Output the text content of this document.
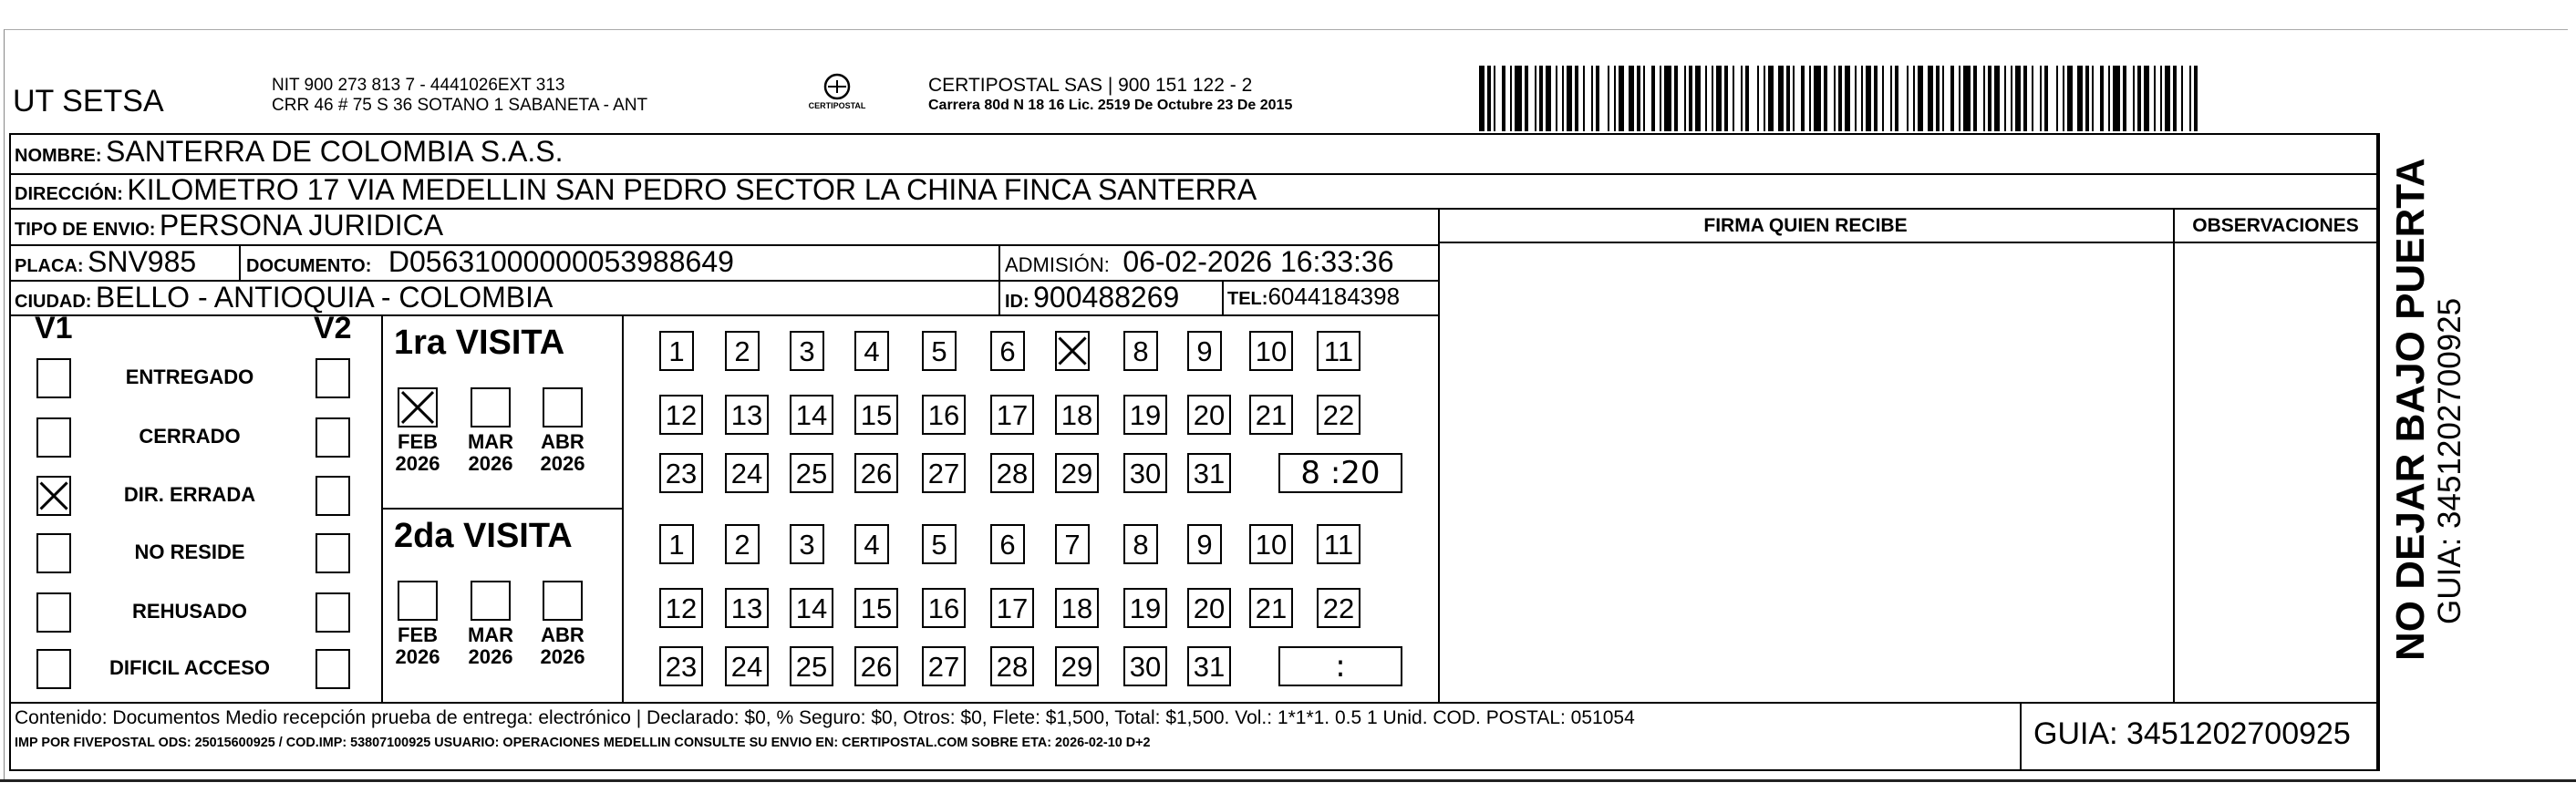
UT SETSA	NIT 900 273 813 7 - 4441026EXT 313
CRR 46 # 75 S 36 SOTANO 1 SABANETA - ANT	CERTIPOSTAL
CERTIPOSTAL SAS | 900 151 122 - 2
Carrera 80d N 18 16 Lic. 2519 De Octubre 23 De 2015
NOMBRE: SANTERRA DE COLOMBIA S.A.S.
DIRECCIÓN: KILOMETRO 17 VIA MEDELLIN SAN PEDRO SECTOR LA CHINA FINCA SANTERRA
TIPO DE ENVIO: PERSONA JURIDICA	FIRMA QUIEN RECIBE	OBSERVACIONES
PLACA: SNV985	DOCUMENTO: D05631000000053988649	ADMISIÓN: 06-02-2026 16:33:36
CIUDAD: BELLO - ANTIOQUIA - COLOMBIA	ID: 900488269	TEL:6044184398
V1	V2
ENTREGADO
CERRADO
DIR. ERRADA
NO RESIDE
REHUSADO
DIFICIL ACCESO
1ra VISITA
FEB
2026
MAR
2026
ABR
2026
1	2	3	4	5	6	8	9	10 11
12 13 14 15 16 17 18 19 20 21 22
23 24 25 26 27 28 29 30 31	8 :20
2da VISITA
FEB
2026
MAR
2026
ABR
2026
1	2	3	4	5	6	7	8	9	10 11
12 13 14 15 16 17 18 19 20 21 22
23 24 25 26 27 28 29 30 31	:
Contenido: Documentos Medio recepción prueba de entrega: electrónico | Declarado: $0, % Seguro: $0, Otros: $0, Flete: $1,500, Total: $1,500. Vol.: 1*1*1. 0.5 1 Unid. COD. POSTAL: 051054
IMP POR FIVEPOSTAL ODS: 25015600925 / COD.IMP: 53807100925 USUARIO: OPERACIONES MEDELLIN CONSULTE SU ENVIO EN: CERTIPOSTAL.COM SOBRE ETA: 2026-02-10 D+2	GUIA: 3451202700925
NO DEJAR BAJO PUERTA GUIA: 3451202700925
